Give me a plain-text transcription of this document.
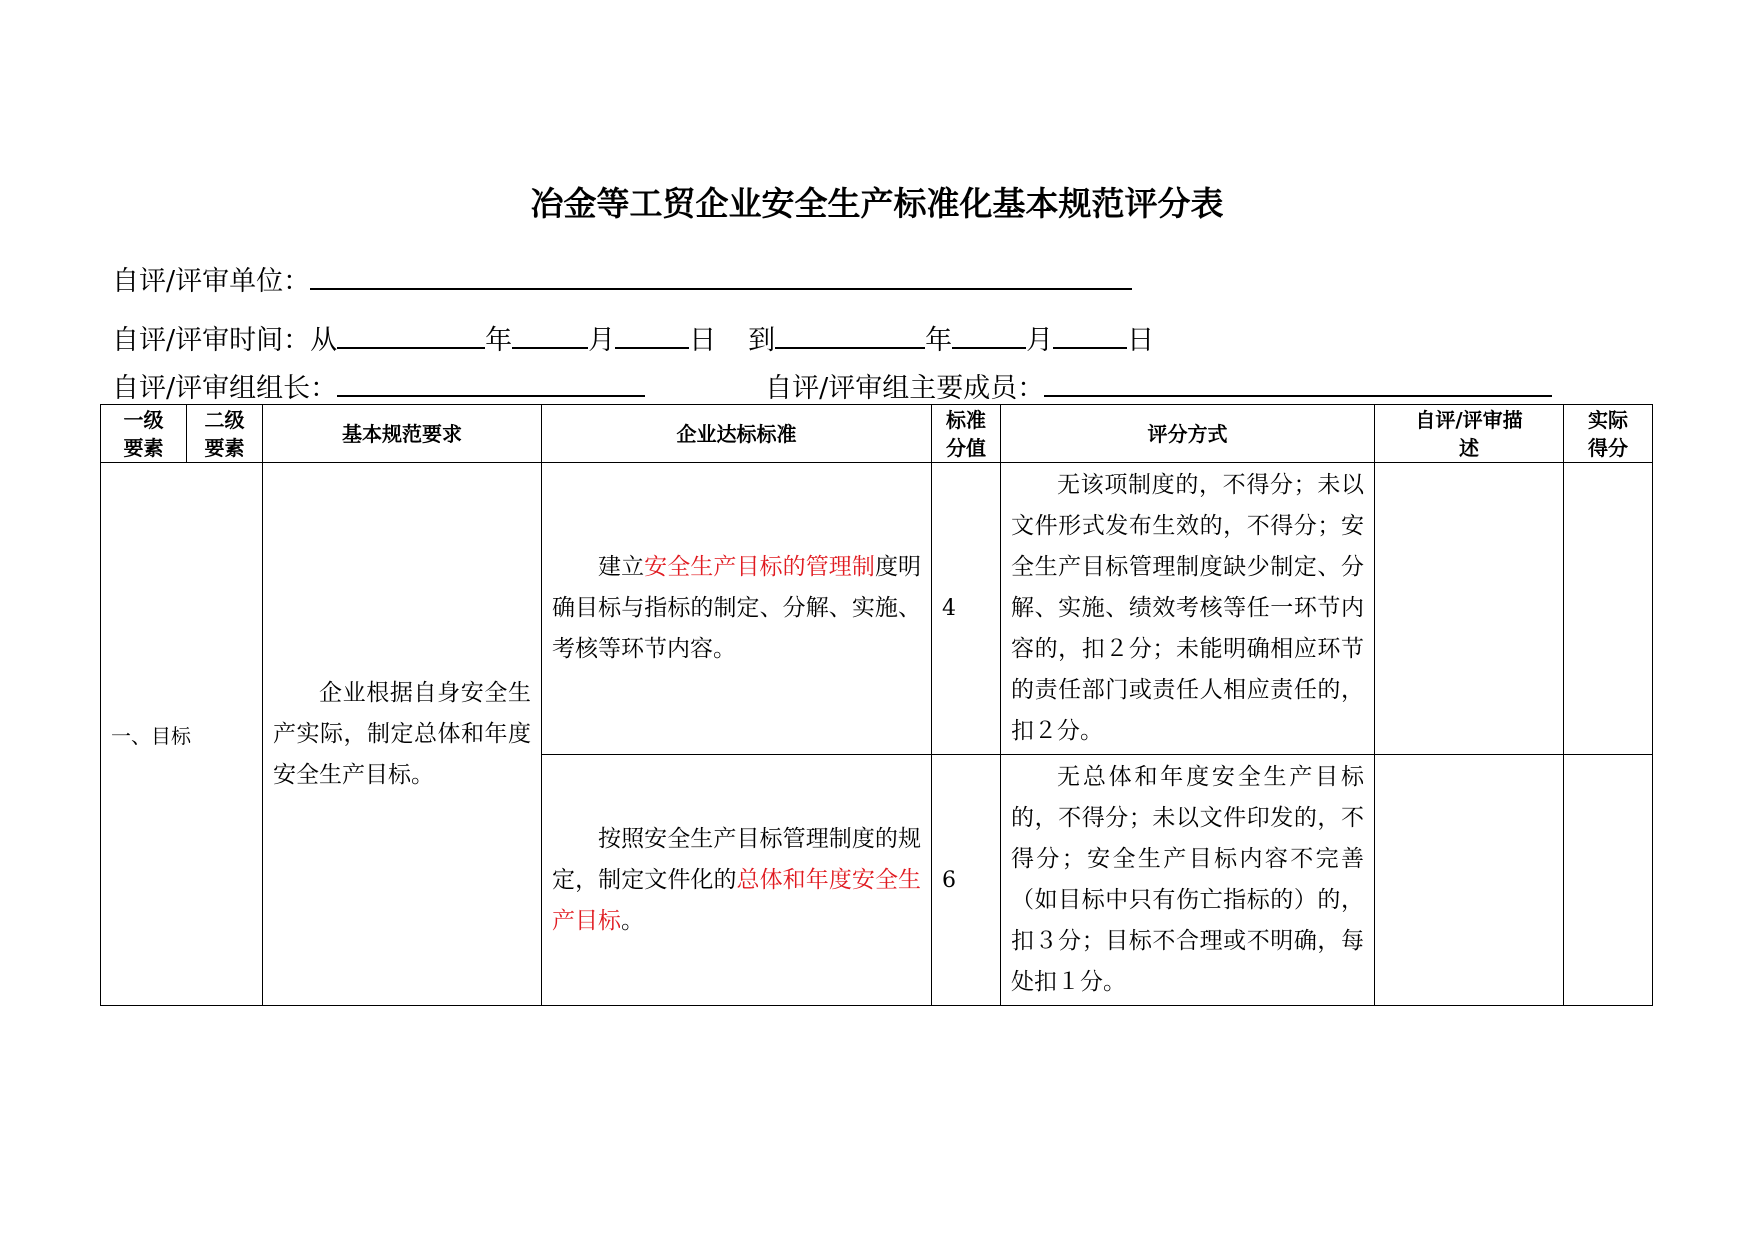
冶金等工贸企业安全生产标准化基本规范评分表
自评/评审单位：
自评/评审时间：从	年	月	日 到	年	月	日
自评/评审组组长：	自评/评审组主要成员：
一级要素	二级要素	基本规范要求	企业达标标准	标准分值	评分方式	自评/评审描　　述	实际得分

一、目标		企业根据自身安全生产实际，制定总体和年度安全生产目标。	建立安全生产目标的管理制度明确目标与指标的制定、分解、实施、考核等环节内容。	4	无该项制度的，不得分；未以文件形式发布生效的，不得分；安全生产目标管理制度缺少制定、分解、实施、绩效考核等任一环节内容的，扣２分；未能明确相应环节的责任部门或责任人相应责任的，扣２分。		

			按照安全生产目标管理制度的规定，制定文件化的总体和年度安全生产目标。	6	无总体和年度安全生产目标的，不得分；未以文件印发的，不得分；安全生产目标内容不完善（如目标中只有伤亡指标的）的，扣３分；目标不合理或不明确，每处扣１分。		
